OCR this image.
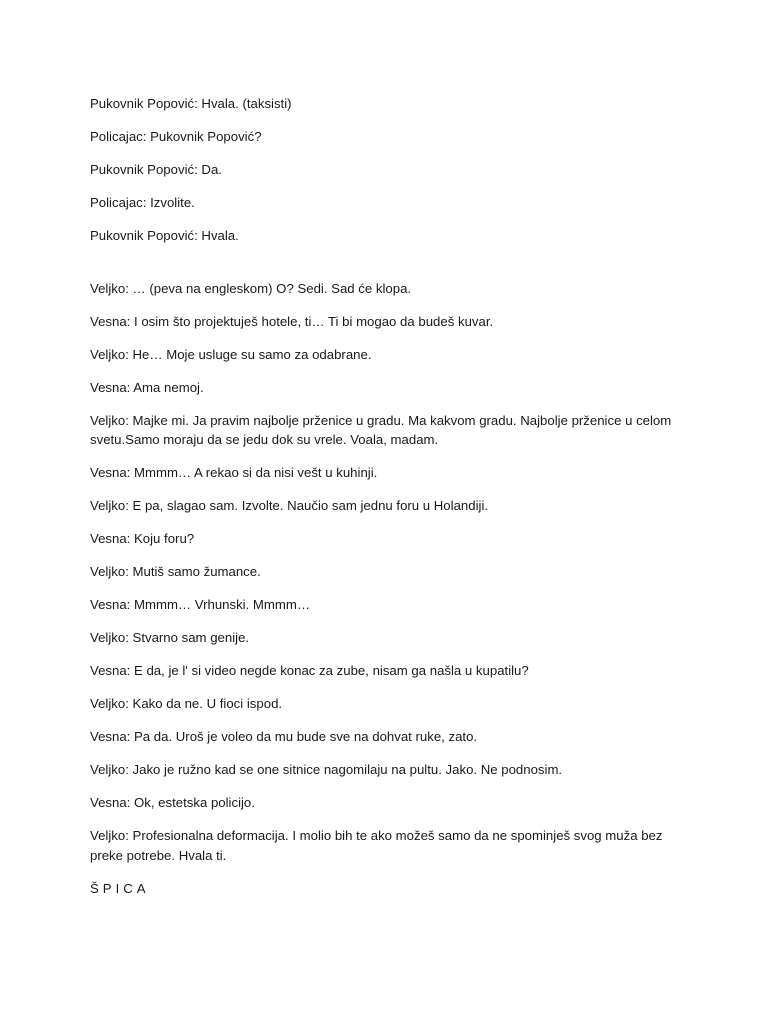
Pukovnik Popović: Hvala. (taksisti)

Policajac: Pukovnik Popović?

Pukovnik Popović: Da.

Policajac: Izvolite.

Pukovnik Popović: Hvala.

Veljko: … (peva na engleskom) O? Sedi. Sad će klopa.

Vesna: I osim što projektuješ hotele, ti… Ti bi mogao da budeš kuvar.

Veljko: He… Moje usluge su samo za odabrane.

Vesna: Ama nemoj.

Veljko: Majke mi. Ja pravim najbolje prženice u gradu. Ma kakvom gradu. Najbolje prženice u celom svetu.Samo moraju da se jedu dok su vrele. Voala, madam.

Vesna: Mmmm… A rekao si da nisi vešt u kuhinji.

Veljko: E pa, slagao sam. Izvolte. Naučio sam jednu foru u Holandiji.

Vesna: Koju foru?

Veljko: Mutiš samo žumance.

Vesna: Mmmm… Vrhunski. Mmmm…

Veljko: Stvarno sam genije.

Vesna: E da, je l' si video negde konac za zube, nisam ga našla u kupatilu?

Veljko: Kako da ne. U fioci ispod.

Vesna: Pa da. Uroš je voleo da mu bude sve na dohvat ruke, zato.

Veljko: Jako je ružno kad se one sitnice nagomilaju na pultu. Jako. Ne podnosim.

Vesna: Ok, estetska policijo.

Veljko: Profesionalna deformacija. I molio bih te ako možeš samo da ne spominješ svog muža bez preke potrebe. Hvala ti.

ŠPICA
